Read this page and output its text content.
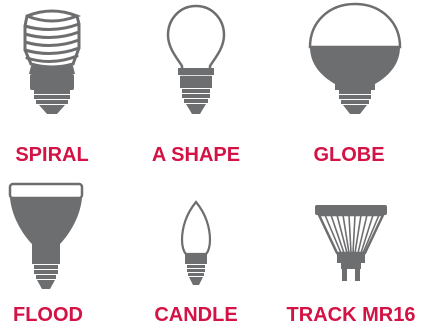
SPIRAL	A SHAPE	GLOBE
FLOOD	CANDLE	TRACK MR16
